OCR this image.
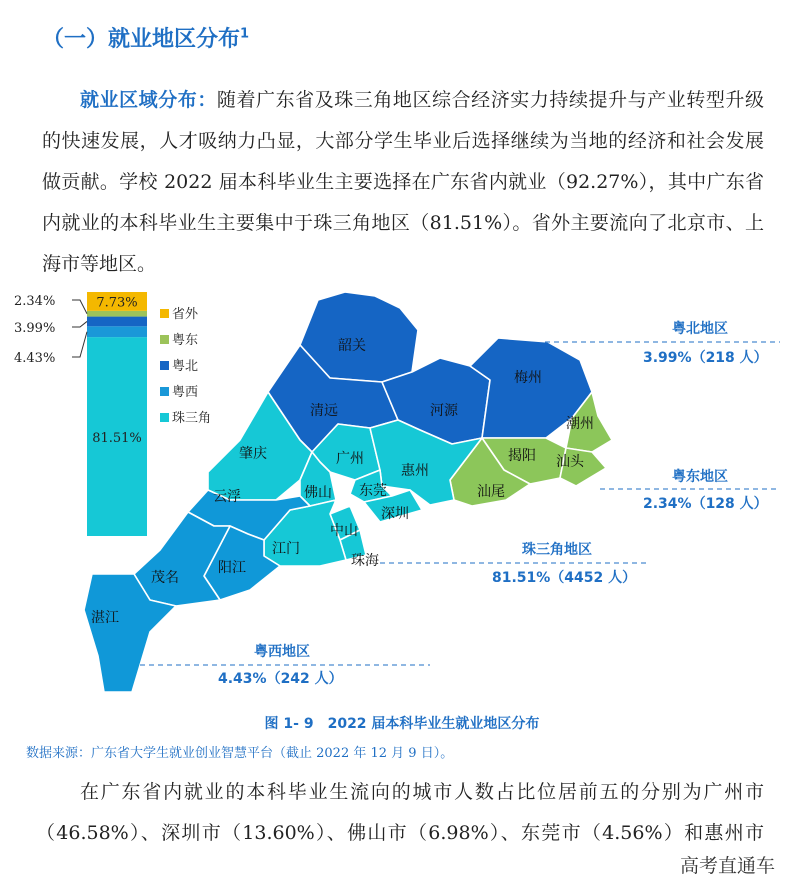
（一）就业地区分布$^1$
就业区域分布：随着广东省及珠三角地区综合经济实力持续提升与产业转型升级
的快速发展，人才吸纳力凸显，大部分学生毕业后选择继续为当地的经济和社会发展
做贡献。学校 2022 届本科毕业生主要选择在广东省内就业（92.27%），其中广东省
内就业的本科毕业生主要集中于珠三角地区（81.51%）。省外主要流向了北京市、上
海市等地区。
81.51%
7.73%
2.34%
3.99%
4.43%
省外
粤东
粤北
粤西
珠三角
韶关
清远	河源
梅州
潮州
揭阳 汕头
汕尾
肇庆	广州
惠州
佛山 东莞
深圳
中山
珠海
江门
云浮
阳江
茂名
湛江
粤北地区
3.99%（218 人）
粤东地区
2.34%（128 人）
珠三角地区
81.51%（4452 人）
粤西地区
4.43%（242 人）
图 1- 9　2022 届本科毕业生就业地区分布
数据来源：广东省大学生就业创业智慧平台（截止 2022 年 12 月 9 日）。
在广东省内就业的本科毕业生流向的城市人数占比位居前五的分别为广州市
（46.58%）、深圳市（13.60%）、佛山市（6.98%）、东莞市（4.56%）和惠州市
高考直通车
